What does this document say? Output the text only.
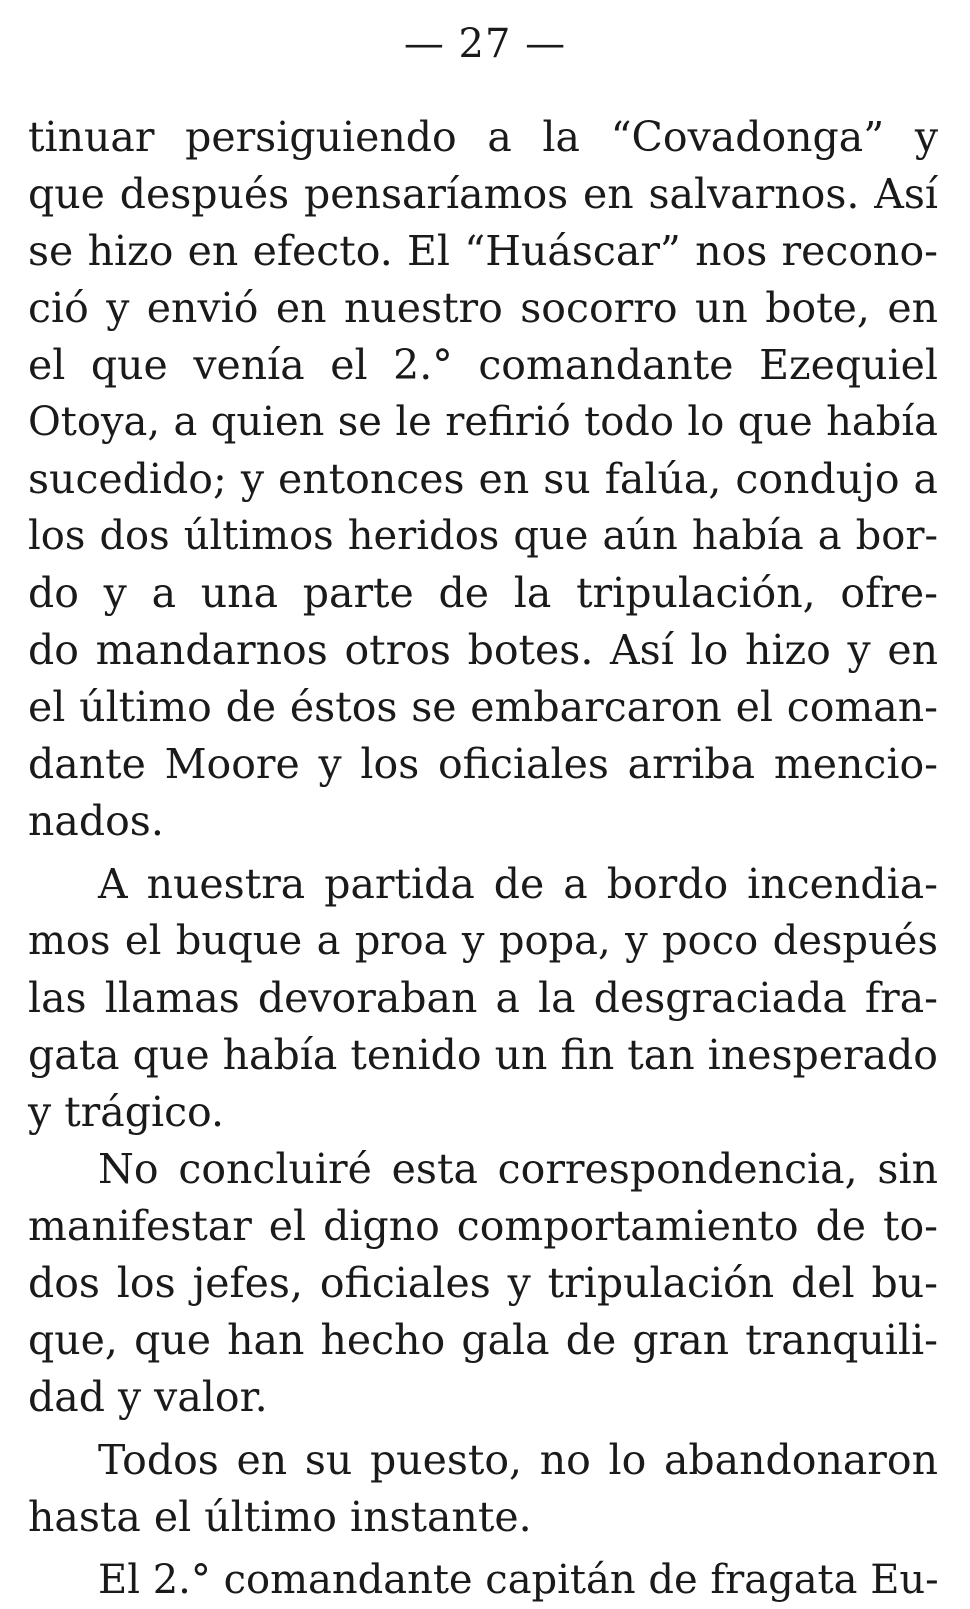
— 27 —
tinuar persiguiendo a la “Covadonga” y
que después pensaríamos en salvarnos. Así
se hizo en efecto. El “Huáscar” nos recono-
ció y envió en nuestro socorro un bote, en
el que venía el 2.° comandante Ezequiel
Otoya, a quien se le refirió todo lo que había
sucedido; y entonces en su falúa, condujo a
los dos últimos heridos que aún había a bor-
do y a una parte de la tripulación, ofre-
do mandarnos otros botes. Así lo hizo y en
el último de éstos se embarcaron el coman-
dante Moore y los oficiales arriba mencio-
nados.
A nuestra partida de a bordo incendia-
mos el buque a proa y popa, y poco después
las llamas devoraban a la desgraciada fra-
gata que había tenido un fin tan inesperado
y trágico.
No concluiré esta correspondencia, sin
manifestar el digno comportamiento de to-
dos los jefes, oficiales y tripulación del bu-
que, que han hecho gala de gran tranquili-
dad y valor.
Todos en su puesto, no lo abandonaron
hasta el último instante.
El 2.° comandante capitán de fragata Eu-
